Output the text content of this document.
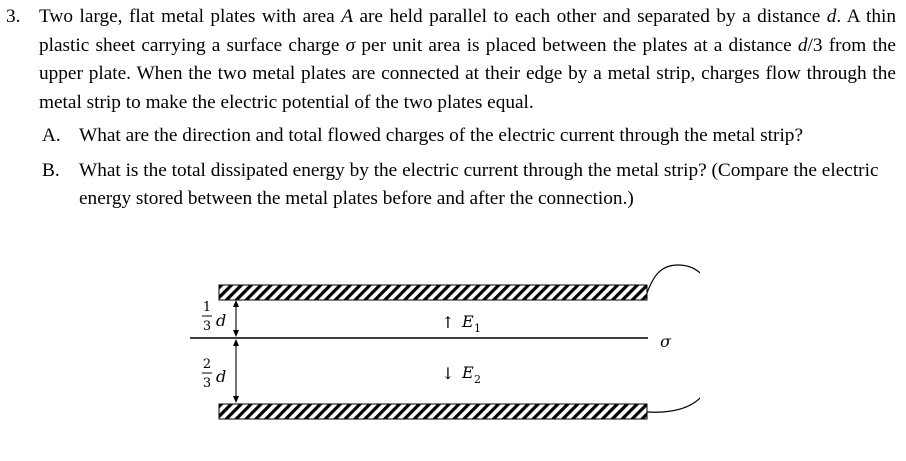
3. Two large, flat metal plates with area A are held parallel to each other and separated by a distance d. A thin plastic sheet carrying a surface charge σ per unit area is placed between the plates at a distance d/3 from the upper plate. When the two metal plates are connected at their edge by a metal strip, charges flow through the metal strip to make the electric potential of the two plates equal.
A. What are the direction and total flowed charges of the electric current through the metal strip?
B.	What is the total dissipated energy by the electric current through the metal strip? (Compare the electric energy stored between the metal plates before and after the connection.)
1
3 d
2
3 d
↑ E 1
↓ E 2
σ
